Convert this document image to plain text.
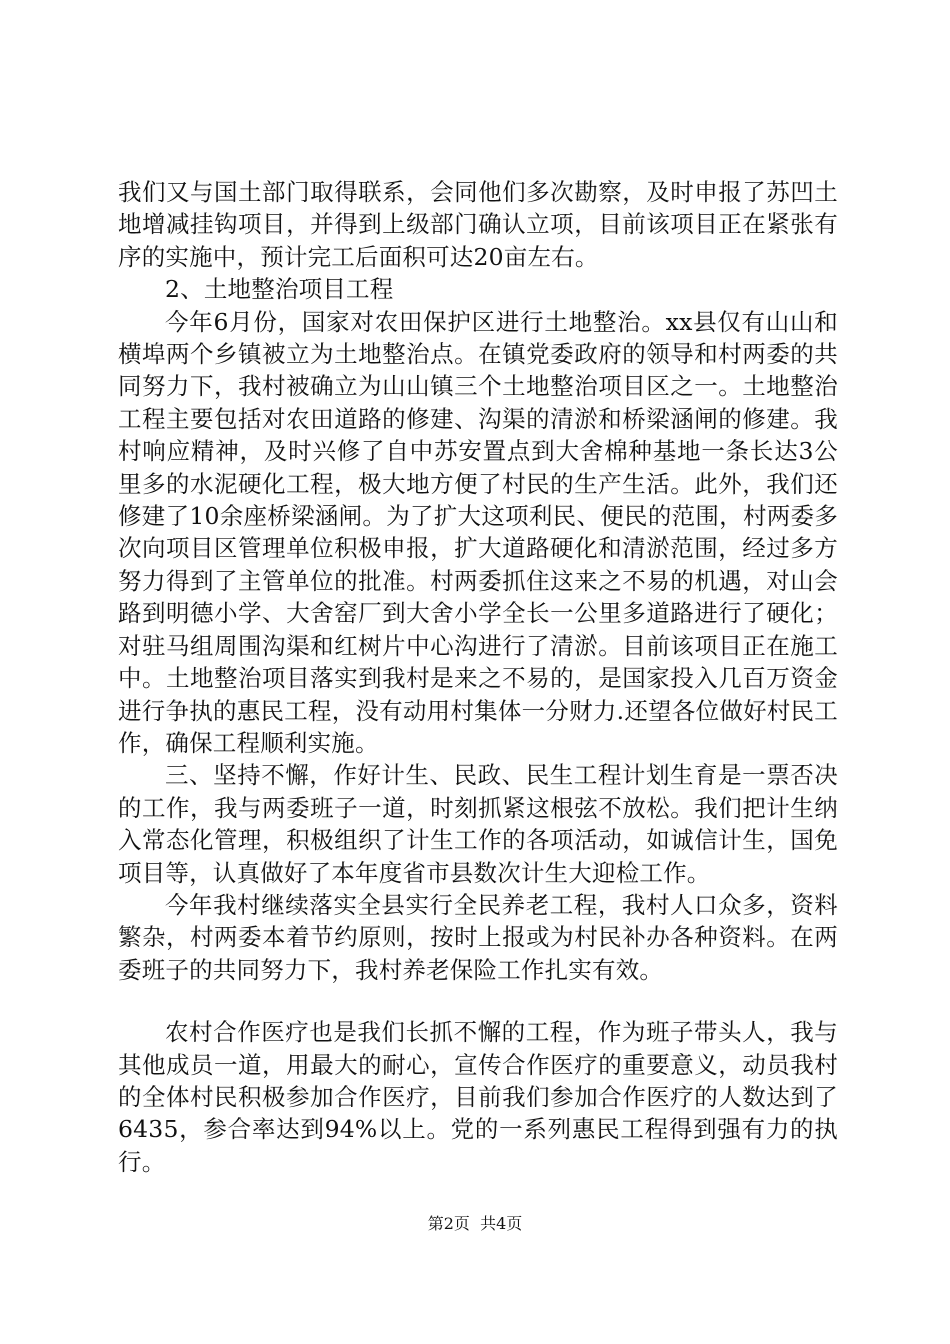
我们又与国土部门取得联系，会同他们多次勘察，及时申报了苏凹土地增减挂钩项目，并得到上级部门确认立项，目前该项目正在紧张有序的实施中，预计完工后面积可达20亩左右。

2、土地整治项目工程

今年6月份，国家对农田保护区进行土地整治。xx县仅有山山和横埠两个乡镇被立为土地整治点。在镇党委政府的领导和村两委的共同努力下，我村被确立为山山镇三个土地整治项目区之一。土地整治工程主要包括对农田道路的修建、沟渠的清淤和桥梁涵闸的修建。我村响应精神，及时兴修了自中苏安置点到大舍棉种基地一条长达3公里多的水泥硬化工程，极大地方便了村民的生产生活。此外，我们还修建了10余座桥梁涵闸。为了扩大这项利民、便民的范围，村两委多次向项目区管理单位积极申报，扩大道路硬化和清淤范围，经过多方努力得到了主管单位的批准。村两委抓住这来之不易的机遇，对山会路到明德小学、大舍窑厂到大舍小学全长一公里多道路进行了硬化；对驻马组周围沟渠和红树片中心沟进行了清淤。目前该项目正在施工中。土地整治项目落实到我村是来之不易的，是国家投入几百万资金进行争执的惠民工程，没有动用村集体一分财力.还望各位做好村民工作，确保工程顺利实施。

三、坚持不懈，作好计生、民政、民生工程计划生育是一票否决的工作，我与两委班子一道，时刻抓紧这根弦不放松。我们把计生纳入常态化管理，积极组织了计生工作的各项活动，如诚信计生，国免项目等，认真做好了本年度省市县数次计生大迎检工作。

今年我村继续落实全县实行全民养老工程，我村人口众多，资料繁杂，村两委本着节约原则，按时上报或为村民补办各种资料。在两委班子的共同努力下，我村养老保险工作扎实有效。

农村合作医疗也是我们长抓不懈的工程，作为班子带头人，我与其他成员一道，用最大的耐心，宣传合作医疗的重要意义，动员我村的全体村民积极参加合作医疗，目前我们参加合作医疗的人数达到了6435，参合率达到94%以上。党的一系列惠民工程得到强有力的执行。

第2页  共4页
